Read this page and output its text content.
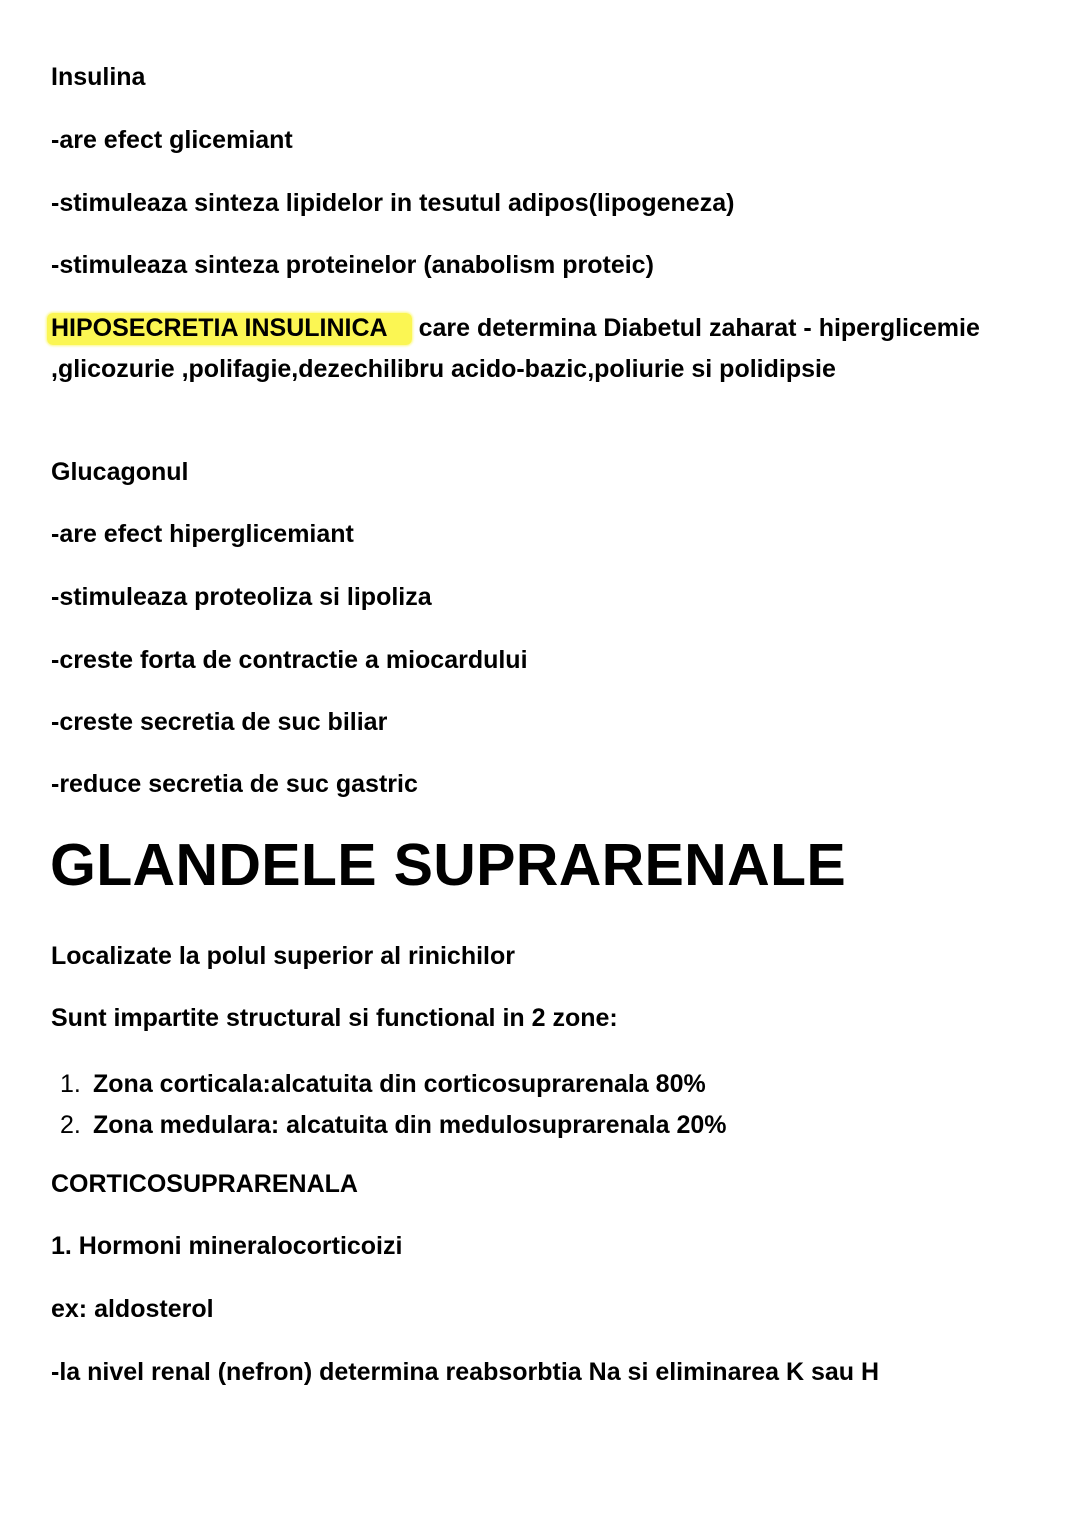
Insulina

-are efect glicemiant

-stimuleaza sinteza lipidelor in tesutul adipos(lipogeneza)

-stimuleaza sinteza proteinelor (anabolism proteic)

HIPOSECRETIA INSULINICA care determina Diabetul zaharat - hiperglicemie ,glicozurie ,polifagie,dezechilibru acido-bazic,poliurie si polidipsie

Glucagonul

-are efect hiperglicemiant

-stimuleaza proteoliza si lipoliza

-creste forta de contractie a miocardului

-creste secretia de suc biliar

-reduce secretia de suc gastric

GLANDELE SUPRARENALE

Localizate la polul superior al rinichilor

Sunt impartite structural si functional in 2 zone:

1. Zona corticala:alcatuita din corticosuprarenala 80%
2. Zona medulara: alcatuita din medulosuprarenala 20%

CORTICOSUPRARENALA

1. Hormoni mineralocorticoizi

ex: aldosterol

-la nivel renal (nefron) determina reabsorbtia Na si eliminarea K sau H
